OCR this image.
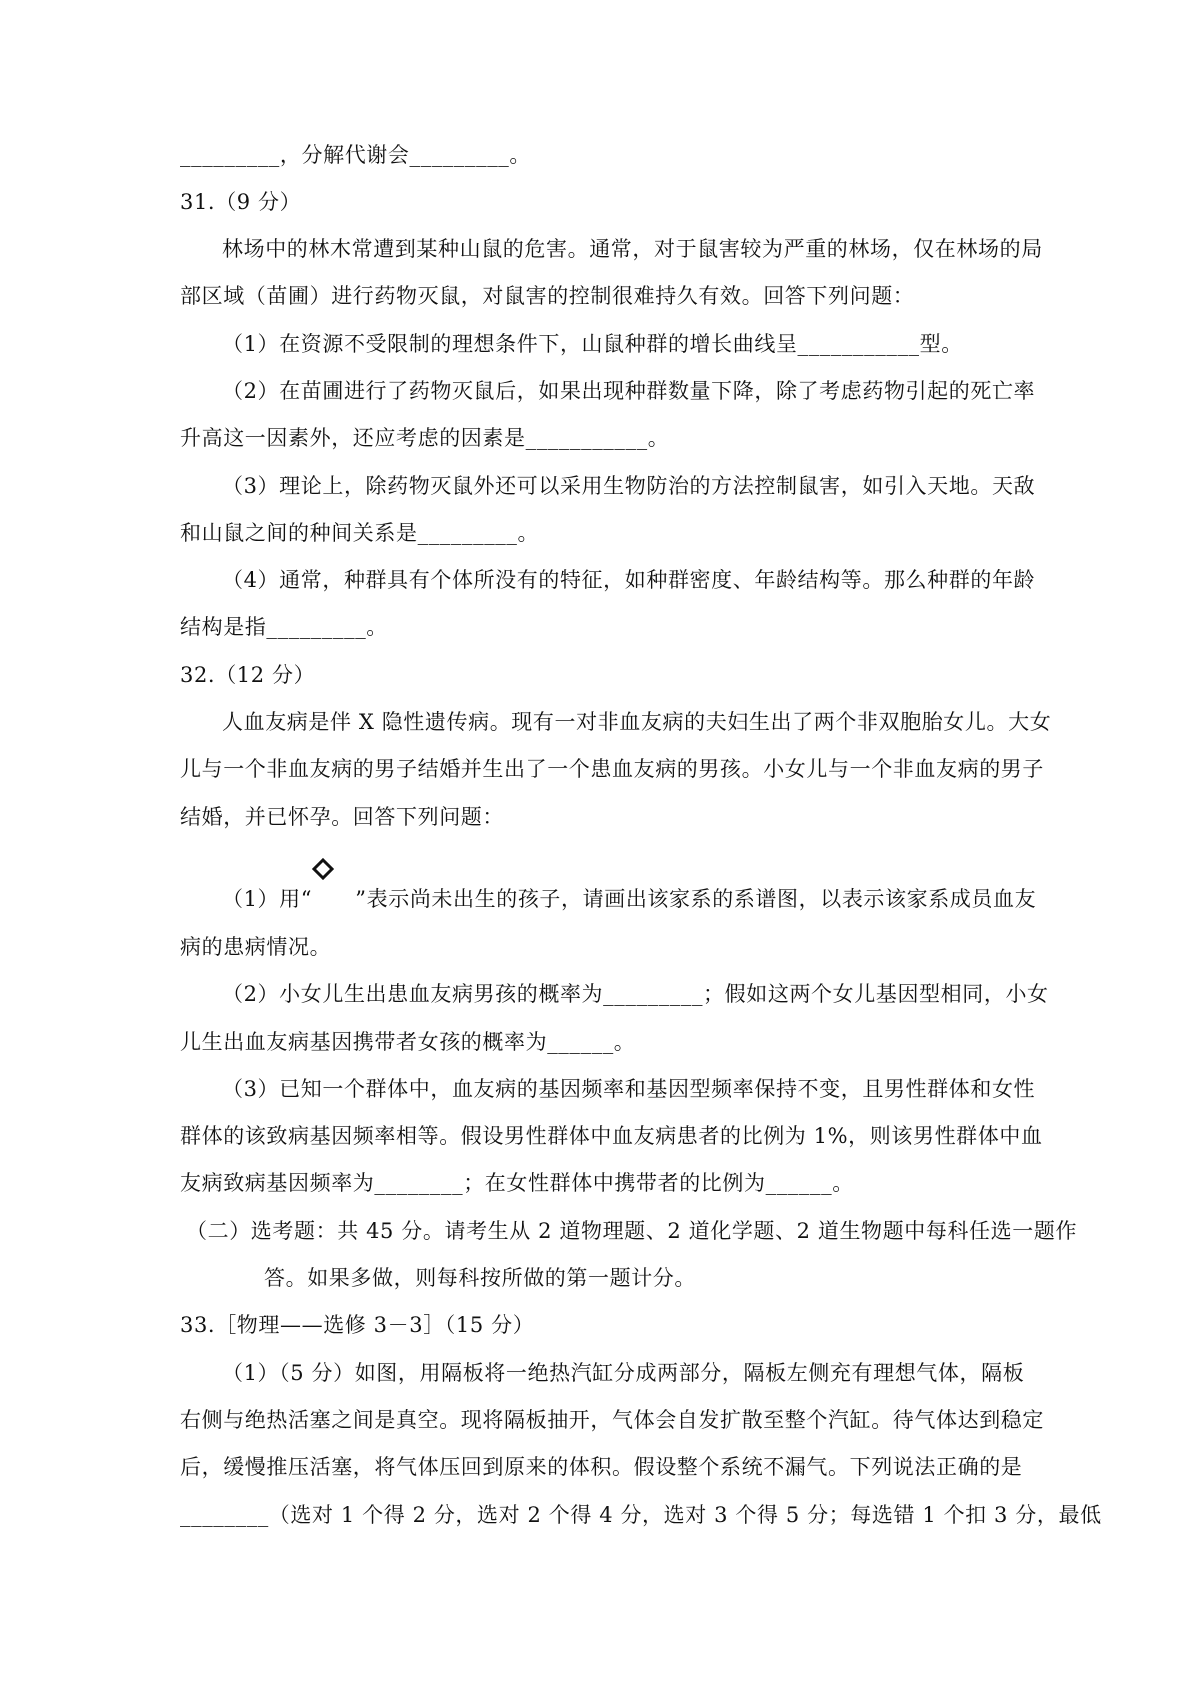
_________，分解代谢会_________。
31.（9 分）
林场中的林木常遭到某种山鼠的危害。通常，对于鼠害较为严重的林场，仅在林场的局
部区域（苗圃）进行药物灭鼠，对鼠害的控制很难持久有效。回答下列问题：
（1）在资源不受限制的理想条件下，山鼠种群的增长曲线呈___________型。
（2）在苗圃进行了药物灭鼠后，如果出现种群数量下降，除了考虑药物引起的死亡率
升高这一因素外，还应考虑的因素是___________。
（3）理论上，除药物灭鼠外还可以采用生物防治的方法控制鼠害，如引入天地。天敌
和山鼠之间的种间关系是_________。
（4）通常，种群具有个体所没有的特征，如种群密度、年龄结构等。那么种群的年龄
结构是指_________。
32.（12 分）
人血友病是伴 X 隐性遗传病。现有一对非血友病的夫妇生出了两个非双胞胎女儿。大女
儿与一个非血友病的男子结婚并生出了一个患血友病的男孩。小女儿与一个非血友病的男子
结婚，并已怀孕。回答下列问题：
（1）用“　　”表示尚未出生的孩子，请画出该家系的系谱图，以表示该家系成员血友
病的患病情况。
（2）小女儿生出患血友病男孩的概率为_________；假如这两个女儿基因型相同，小女
儿生出血友病基因携带者女孩的概率为______。
（3）已知一个群体中，血友病的基因频率和基因型频率保持不变，且男性群体和女性
群体的该致病基因频率相等。假设男性群体中血友病患者的比例为 1%，则该男性群体中血
友病致病基因频率为________；在女性群体中携带者的比例为______。
（二）选考题：共 45 分。请考生从 2 道物理题、2 道化学题、2 道生物题中每科任选一题作
答。如果多做，则每科按所做的第一题计分。
33.［物理——选修 3－3］（15 分）
（1）（5 分）如图，用隔板将一绝热汽缸分成两部分，隔板左侧充有理想气体，隔板
右侧与绝热活塞之间是真空。现将隔板抽开，气体会自发扩散至整个汽缸。待气体达到稳定
后，缓慢推压活塞，将气体压回到原来的体积。假设整个系统不漏气。下列说法正确的是
________（选对 1 个得 2 分，选对 2 个得 4 分，选对 3 个得 5 分；每选错 1 个扣 3 分，最低
